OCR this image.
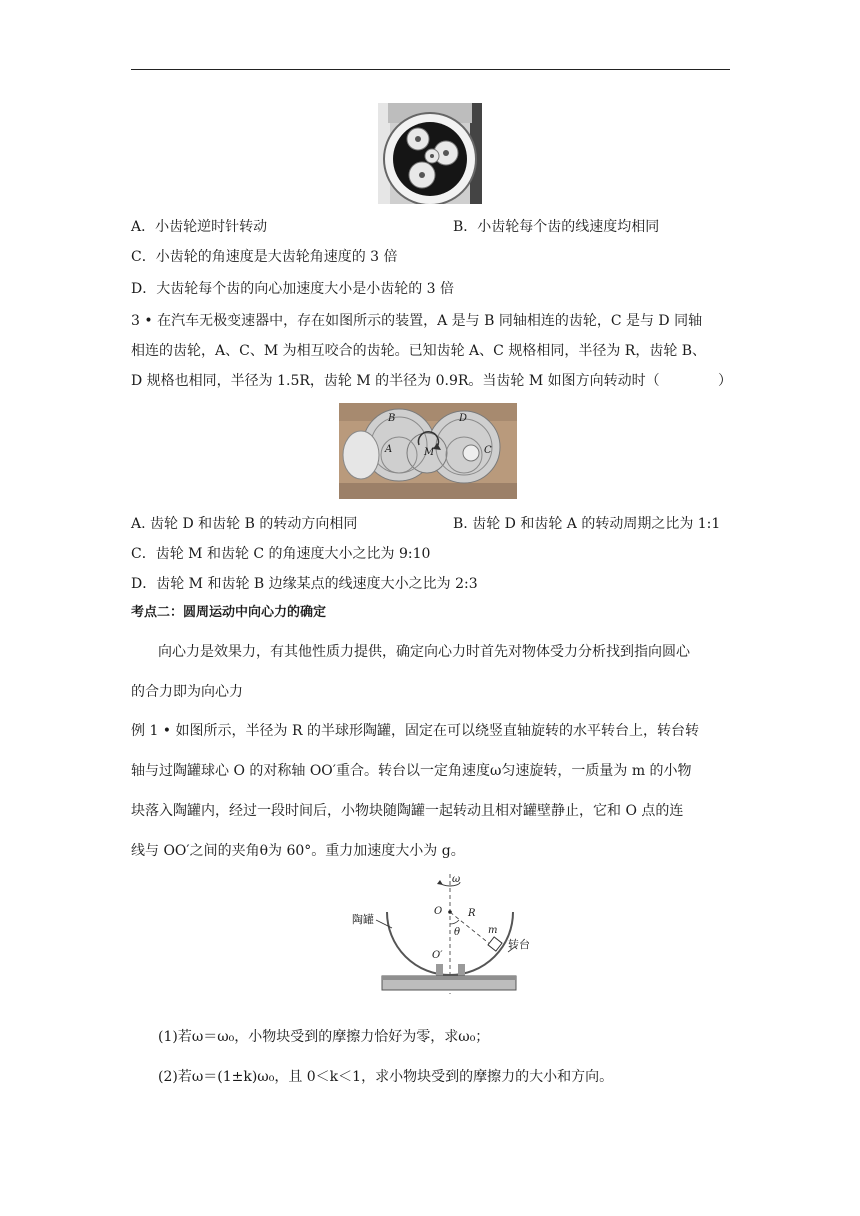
A．小齿轮逆时针转动	B．小齿轮每个齿的线速度均相同
C．小齿轮的角速度是大齿轮角速度的 3 倍
D．大齿轮每个齿的向心加速度大小是小齿轮的 3 倍
3 • 在汽车无极变速器中，存在如图所示的装置，A 是与 B 同轴相连的齿轮，C 是与 D 同轴
相连的齿轮，A、C、M 为相互咬合的齿轮。已知齿轮 A、C 规格相同，半径为 R，齿轮 B、
D 规格也相同，半径为 1.5R，齿轮 M 的半径为 0.9R。当齿轮 M 如图方向转动时（	）
B	D
A	M	C
A. 齿轮 D 和齿轮 B 的转动方向相同	B. 齿轮 D 和齿轮 A 的转动周期之比为 1:1
C．齿轮 M 和齿轮 C 的角速度大小之比为 9:10
D．齿轮 M 和齿轮 B 边缘某点的线速度大小之比为 2:3
考点二：圆周运动中向心力的确定
向心力是效果力，有其他性质力提供，确定向心力时首先对物体受力分析找到指向圆心
的合力即为向心力
例 1 • 如图所示，半径为 R 的半球形陶罐，固定在可以绕竖直轴旋转的水平转台上，转台转
轴与过陶罐球心 O 的对称轴 OO′重合。转台以一定角速度ω匀速旋转，一质量为 m 的小物
块落入陶罐内，经过一段时间后，小物块随陶罐一起转动且相对罐壁静止，它和 O 点的连
线与 OO′之间的夹角θ为 60°。重力加速度大小为 g。
ω
O	R
θ	m
O′
陶罐
转台
(1)若ω＝ω₀，小物块受到的摩擦力恰好为零，求ω₀；
(2)若ω＝(1±k)ω₀，且 0＜k＜1，求小物块受到的摩擦力的大小和方向。
